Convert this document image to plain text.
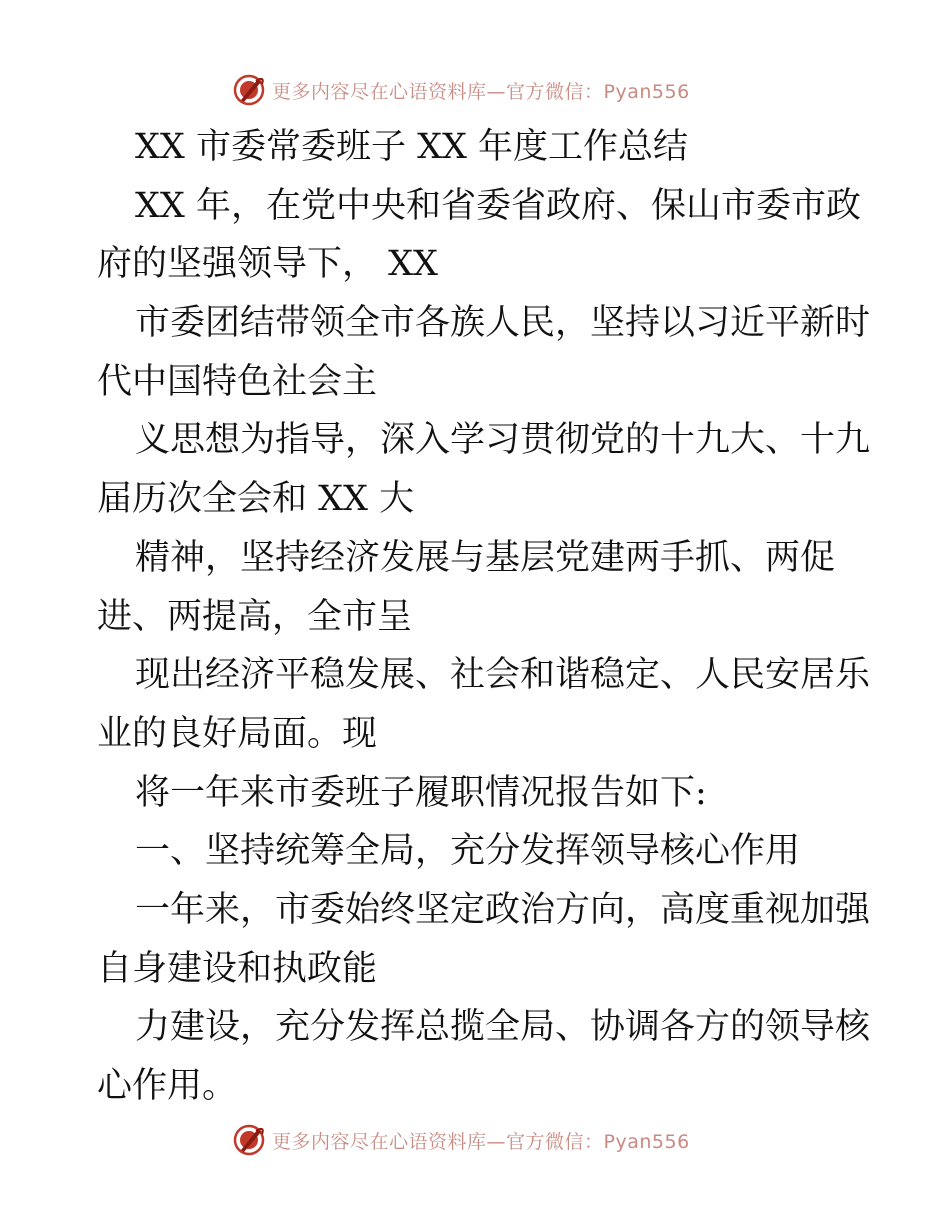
更多内容尽在心语资料库—官方微信：Pyan556
XX 市委常委班子 XX 年度工作总结
XX 年，在党中央和省委省政府、保山市委市政
府的坚强领导下， XX
市委团结带领全市各族人民，坚持以习近平新时
代中国特色社会主
义思想为指导，深入学习贯彻党的十九大、十九
届历次全会和 XX 大
精神，坚持经济发展与基层党建两手抓、两促
进、两提高，全市呈
现出经济平稳发展、社会和谐稳定、人民安居乐
业的良好局面。现
将一年来市委班子履职情况报告如下:
一、坚持统筹全局，充分发挥领导核心作用
一年来，市委始终坚定政治方向，高度重视加强
自身建设和执政能
力建设，充分发挥总揽全局、协调各方的领导核
心作用。
更多内容尽在心语资料库—官方微信：Pyan556
